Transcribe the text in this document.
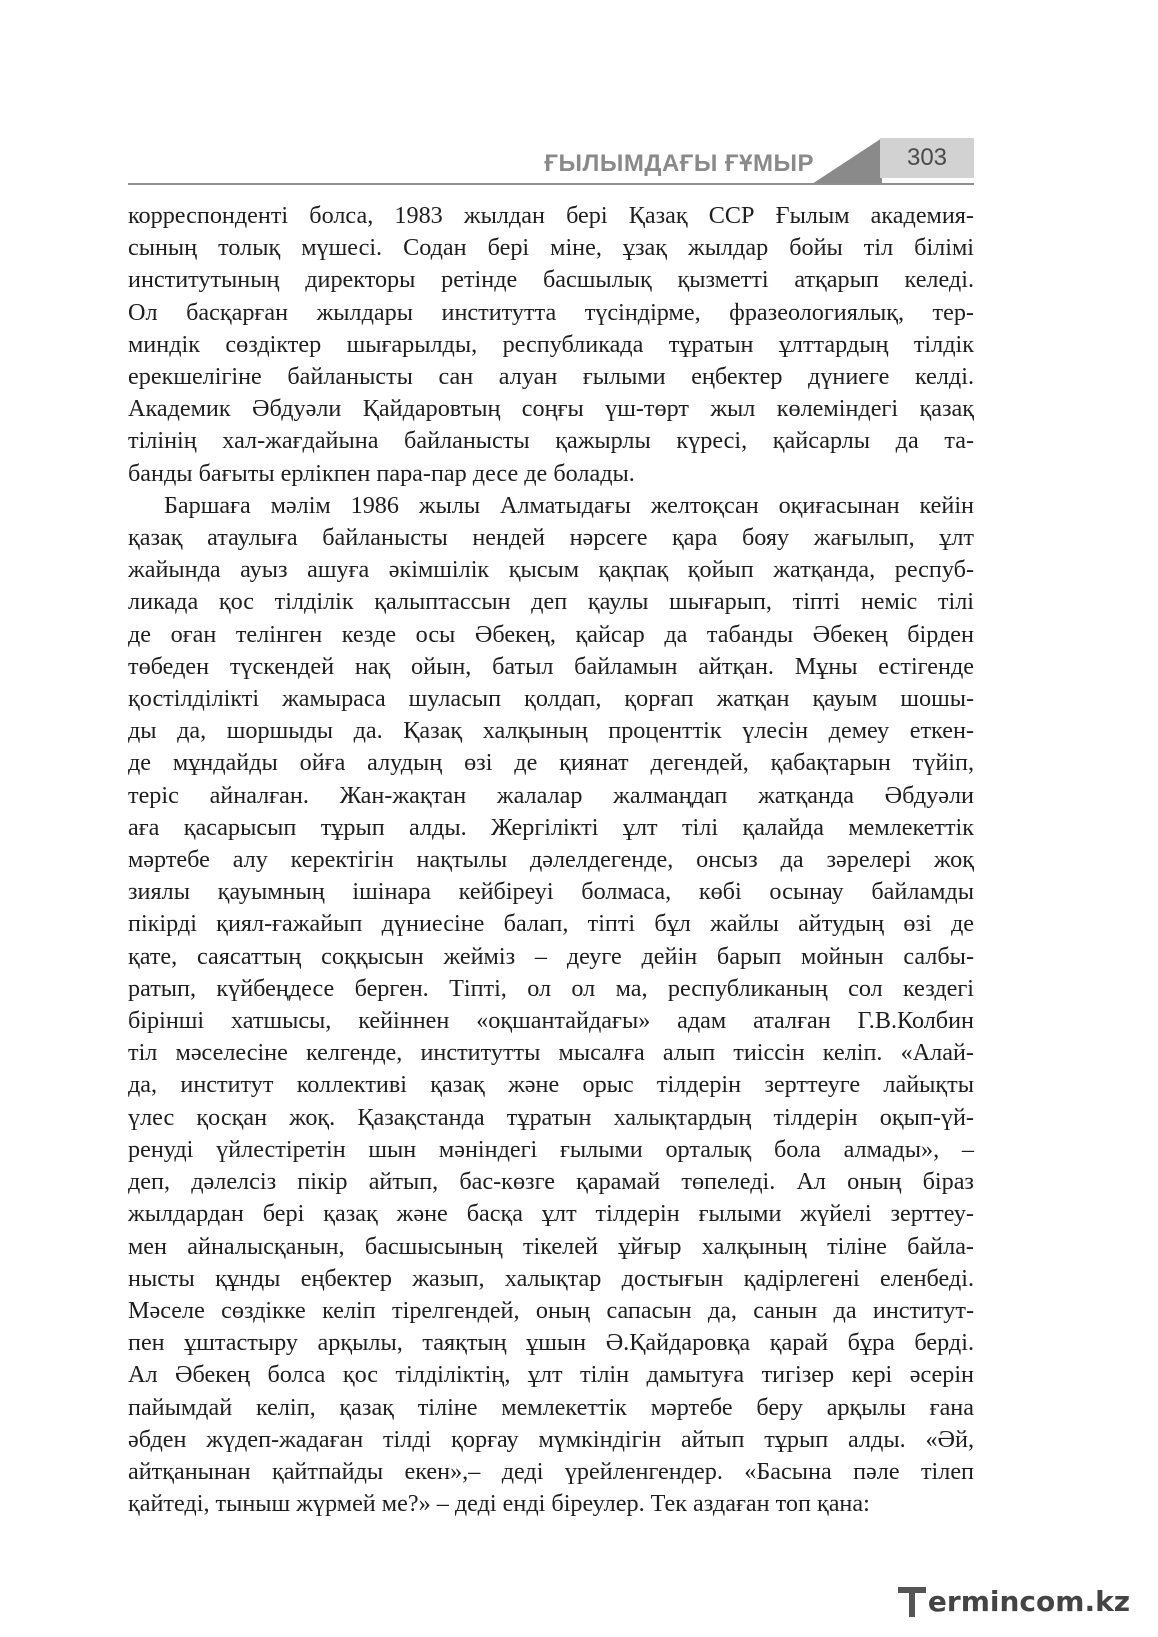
ҒЫЛЫМДАҒЫ ҒҰМЫР	303
корреспонденті болса, 1983 жылдан бері Қазақ ССР Ғылым академия-
сының толық мүшесі. Содан бері міне, ұзақ жылдар бойы тіл білімі
институтының директоры ретінде басшылық қызметті атқарып келеді.
Ол басқарған жылдары институтта түсіндірме, фразеологиялық, тер-
миндік сөздіктер шығарылды, республикада тұратын ұлттардың тілдік
ерекшелігіне байланысты сан алуан ғылыми еңбектер дүниеге келді.
Академик Әбдуәли Қайдаровтың соңғы үш-төрт жыл көлеміндегі қазақ
тілінің хал-жағдайына байланысты қажырлы күресі, қайсарлы да та-
банды бағыты ерлікпен пара-пар десе де болады.
Баршаға мәлім 1986 жылы Алматыдағы желтоқсан оқиғасынан кейін
қазақ атаулыға байланысты нендей нәрсеге қара бояу жағылып, ұлт
жайында ауыз ашуға әкімшілік қысым қақпақ қойып жатқанда, респуб-
ликада қос тілділік қалыптассын деп қаулы шығарып, тіпті неміс тілі
де оған телінген кезде осы Әбекең, қайсар да табанды Әбекең бірден
төбеден түскендей нақ ойын, батыл байламын айтқан. Мұны естігенде
қостілділікті жамыраса шуласып қолдап, қорғап жатқан қауым шошы-
ды да, шоршыды да. Қазақ халқының проценттік үлесін демеу еткен-
де мұндайды ойға алудың өзі де қиянат дегендей, қабақтарын түйіп,
теріс айналған. Жан-жақтан жалалар жалмаңдап жатқанда Әбдуәли
аға қасарысып тұрып алды. Жергілікті ұлт тілі қалайда мемлекеттік
мәртебе алу керектігін нақтылы дәлелдегенде, онсыз да зәрелері жоқ
зиялы қауымның ішінара кейбіреуі болмаса, көбі осынау байламды
пікірді қиял-ғажайып дүниесіне балап, тіпті бұл жайлы айтудың өзі де
қате, саясаттың соққысын жейміз – деуге дейін барып мойнын салбы-
ратып, күйбеңдесе берген. Тіпті, ол ол ма, республиканың сол кездегі
бірінші хатшысы, кейіннен «оқшантайдағы» адам аталған Г.В.Колбин
тіл мәселесіне келгенде, институтты мысалға алып тиіссін келіп. «Алай-
да, институт коллективі қазақ және орыс тілдерін зерттеуге лайықты
үлес қосқан жоқ. Қазақстанда тұратын халықтардың тілдерін оқып-үй-
ренуді үйлестіретін шын мәніндегі ғылыми орталық бола алмады», –
деп, дәлелсіз пікір айтып, бас-көзге қарамай төпеледі. Ал оның біраз
жылдардан бері қазақ және басқа ұлт тілдерін ғылыми жүйелі зерттеу-
мен айналысқанын, басшысының тікелей ұйғыр халқының тіліне байла-
нысты құнды еңбектер жазып, халықтар достығын қадірлегені еленбеді.
Мәселе сөздікке келіп тірелгендей, оның сапасын да, санын да институт-
пен ұштастыру арқылы, таяқтың ұшын Ә.Қайдаровқа қарай бұра берді.
Ал Әбекең болса қос тілділіктің, ұлт тілін дамытуға тигізер кері әсерін
пайымдай келіп, қазақ тіліне мемлекеттік мәртебе беру арқылы ғана
әбден жүдеп-жадаған тілді қорғау мүмкіндігін айтып тұрып алды. «Әй,
айтқанынан қайтпайды екен»,– деді үрейленгендер. «Басына пәле тілеп
қайтеді, тыныш жүрмей ме?» – деді енді біреулер. Тек аздаған топ қана:
ermincom.kz
